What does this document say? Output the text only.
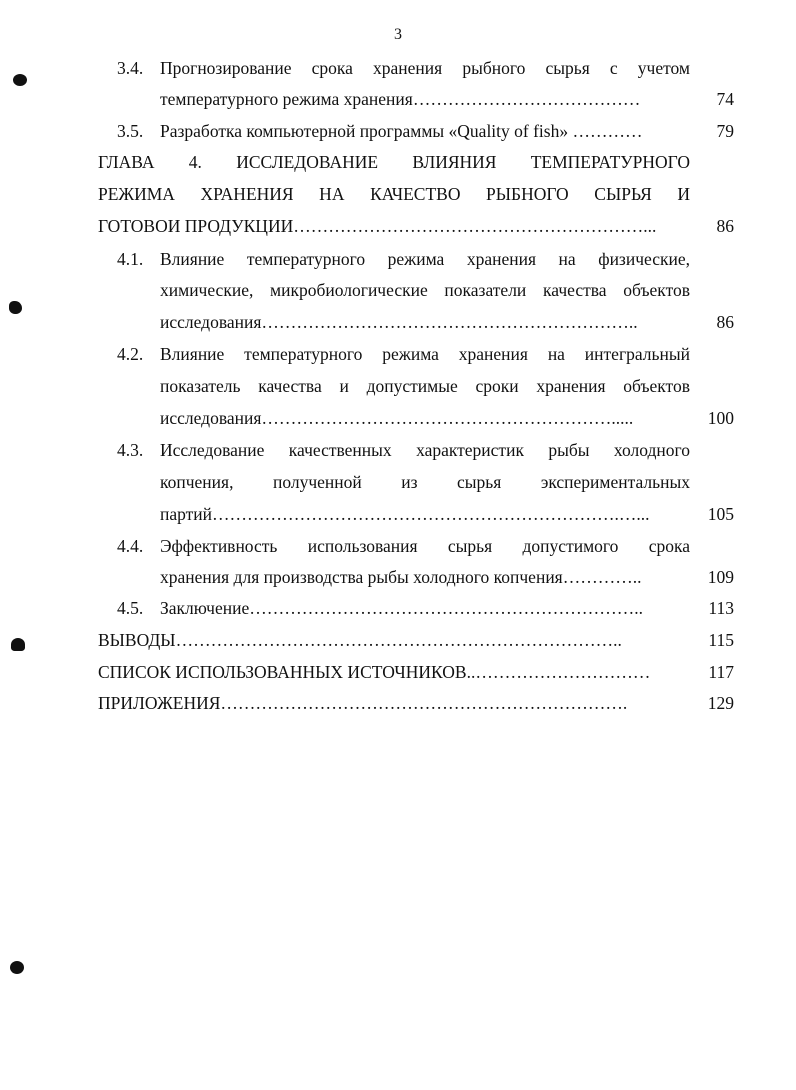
3
3.4. Прогнозирование срока хранения рыбного сырья с учетом
температурного режима хранения…………………………………	74
3.5. Разработка компьютерной программы «Quality of fish» …………	79
ГЛАВА 4. ИССЛЕДОВАНИЕ ВЛИЯНИЯ ТЕМПЕРАТУРНОГО
РЕЖИМА ХРАНЕНИЯ НА КАЧЕСТВО РЫБНОГО СЫРЬЯ И
ГОТОВОИ ПРОДУКЦИИ……………………………………………………...	86
4.1. Влияние температурного режима хранения на физические,
химические, микробиологические показатели качества объектов
исследования………………………………………………………..	86
4.2. Влияние температурного режима хранения на интегральный
показатель качества и допустимые сроки хранения объектов
исследования…………………………………………………….....	100
4.3. Исследование качественных характеристик рыбы холодного
копчения, полученной из сырья экспериментальных
партий…………………………………………………………….…...	105
4.4. Эффективность использования сырья допустимого срока
хранения для производства рыбы холодного копчения…………..	109
4.5. Заключение…………………………………………………………..	113
ВЫВОДЫ…………………………………………………………………..	115
СПИСОК ИСПОЛЬЗОВАННЫХ ИСТОЧНИКОВ..…………………………	117
ПРИЛОЖЕНИЯ…………………………………………………………….	129
